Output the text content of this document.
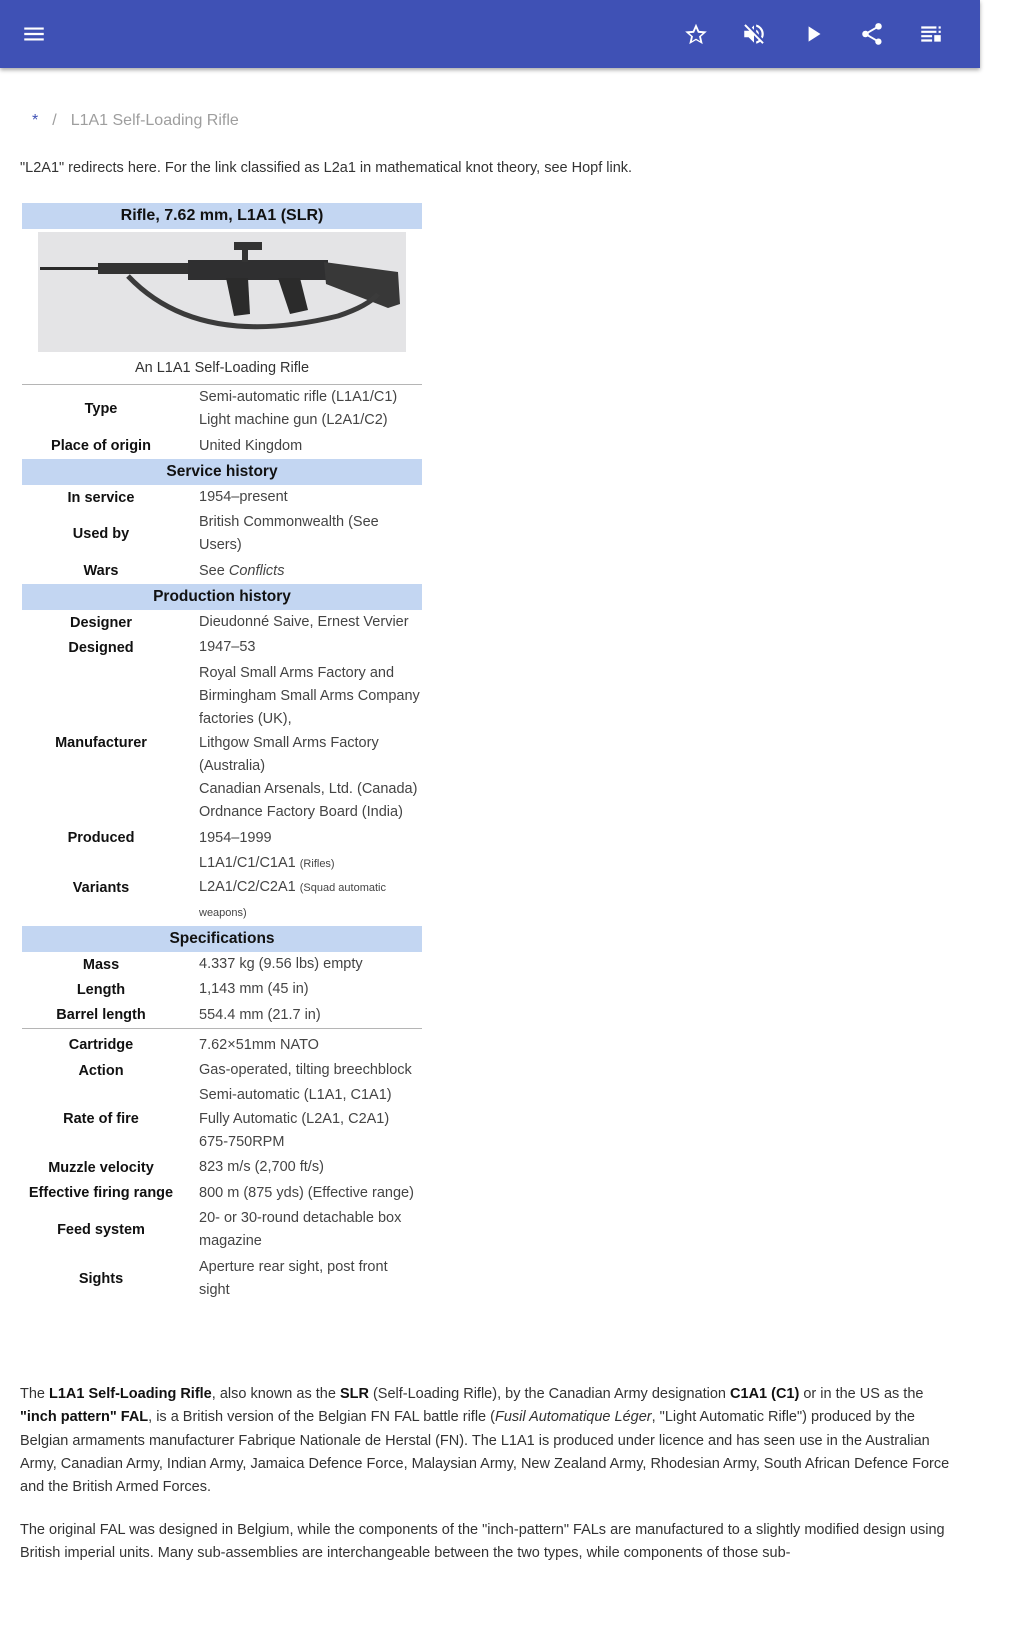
* / L1A1 Self-Loading Rifle
"L2A1" redirects here. For the link classified as L2a1 in mathematical knot theory, see Hopf link.
Rifle, 7.62 mm, L1A1 (SLR)	

An L1A1 Self-Loading Rifle	
Type	Semi-automatic rifle (L1A1/C1)
Light machine gun (L2A1/C2)

Place of origin	United Kingdom
Service history	
In service	1954–present
Used by	British Commonwealth (See Users)
Wars	See Conflicts
Production history	
Designer	Dieudonné Saive, Ernest Vervier
Designed	1947–53
Manufacturer	Royal Small Arms Factory and Birmingham Small Arms Company factories (UK),
Lithgow Small Arms Factory (Australia)
Canadian Arsenals, Ltd. (Canada)
Ordnance Factory Board (India)

Produced	1954–1999
Variants	L1A1/C1/C1A1 (Rifles)
L2A1/C2/C2A1 (Squad automatic weapons)

Specifications	
Mass	4.337 kg (9.56 lbs) empty
Length	1,143 mm (45 in)
Barrel length	554.4 mm (21.7 in)

Cartridge	7.62×51mm NATO
Action	Gas-operated, tilting breechblock
Rate of fire	Semi-automatic (L1A1, C1A1)
Fully Automatic (L2A1, C2A1)
675-750RPM

Muzzle velocity	823 m/s (2,700 ft/s)
Effective firing range	800 m (875 yds) (Effective range)
Feed system	20- or 30-round detachable box magazine
Sights	Aperture rear sight, post front sight

The L1A1 Self-Loading Rifle, also known as the SLR (Self-Loading Rifle), by the Canadian Army designation C1A1 (C1) or in the US as the "inch pattern" FAL, is a British version of the Belgian FN FAL battle rifle (Fusil Automatique Léger, "Light Automatic Rifle") produced by the Belgian armaments manufacturer Fabrique Nationale de Herstal (FN). The L1A1 is produced under licence and has seen use in the Australian Army, Canadian Army, Indian Army, Jamaica Defence Force, Malaysian Army, New Zealand Army, Rhodesian Army, South African Defence Force and the British Armed Forces.

The original FAL was designed in Belgium, while the components of the "inch-pattern" FALs are manufactured to a slightly modified design using British imperial units. Many sub-assemblies are interchangeable between the two types, while components of those sub-
